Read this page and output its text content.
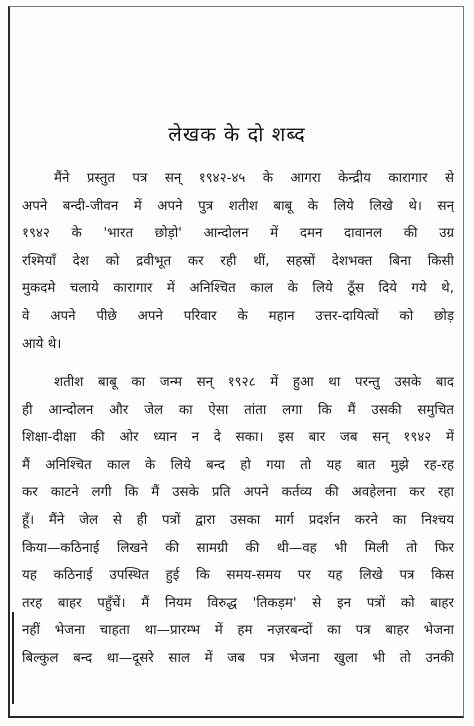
लेखक के दो शब्द
मैंने प्रस्तुत पत्र सन् १९४२-४५ के आगरा केन्द्रीय कारागार से
अपने बन्दी-जीवन में अपने पुत्र शतीश बाबू के लिये लिखे थे। सन्
१९४२ के 'भारत छोड़ो' आन्दोलन में दमन दावानल की उग्र
रश्मियाँ देश को द्रवीभूत कर रही थीं, सहस्रों देशभक्त बिना किसी
मुकदमे चलाये कारागार में अनिश्चित काल के लिये ठूँस दिये गये थे,
वे अपने पीछे अपने परिवार के महान उत्तर-दायित्वों को छोड़
आये थे।
शतीश बाबू का जन्म सन् १९२८ में हुआ था परन्तु उसके बाद
ही आन्दोलन और जेल का ऐसा तांता लगा कि मैं उसकी समुचित
शिक्षा-दीक्षा की ओर ध्यान न दे सका। इस बार जब सन् १९४२ में
मैं अनिश्चित काल के लिये बन्द हो गया तो यह बात मुझे रह-रह
कर काटने लगी कि मैं उसके प्रति अपने कर्तव्य की अवहेलना कर रहा
हूँ। मैंने जेल से ही पत्रों द्वारा उसका मार्ग प्रदर्शन करने का निश्चय
किया—कठिनाई लिखने की सामग्री की थी—वह भी मिली तो फिर
यह कठिनाई उपस्थित हुई कि समय-समय पर यह लिखे पत्र किस
तरह बाहर पहुँचें। मैं नियम विरुद्ध 'तिकड़म' से इन पत्रों को बाहर
नहीं भेजना चाहता था—प्रारम्भ में हम नज़रबन्दों का पत्र बाहर भेजना
बिल्कुल बन्द था—दूसरे साल में जब पत्र भेजना खुला भी तो उनकी
